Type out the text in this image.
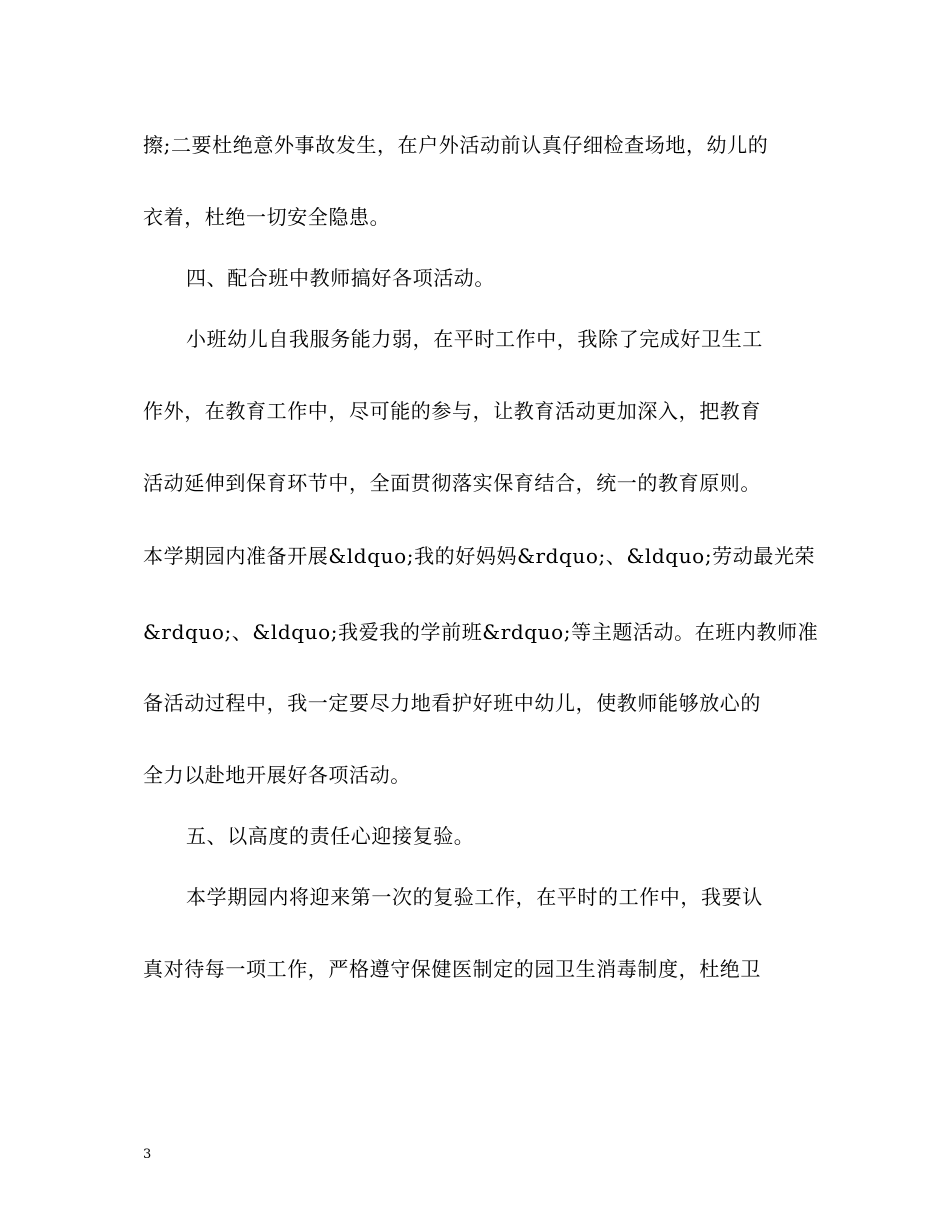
擦;二要杜绝意外事故发生，在户外活动前认真仔细检查场地，幼儿的
衣着，杜绝一切安全隐患。
四、配合班中教师搞好各项活动。
小班幼儿自我服务能力弱，在平时工作中，我除了完成好卫生工
作外，在教育工作中，尽可能的参与，让教育活动更加深入，把教育
活动延伸到保育环节中，全面贯彻落实保育结合，统一的教育原则。
本学期园内准备开展&ldquo;我的好妈妈&rdquo;、&ldquo;劳动最光荣
&rdquo;、&ldquo;我爱我的学前班&rdquo;等主题活动。在班内教师准
备活动过程中，我一定要尽力地看护好班中幼儿，使教师能够放心的
全力以赴地开展好各项活动。
五、以高度的责任心迎接复验。
本学期园内将迎来第一次的复验工作，在平时的工作中，我要认
真对待每一项工作，严格遵守保健医制定的园卫生消毒制度，杜绝卫
3
